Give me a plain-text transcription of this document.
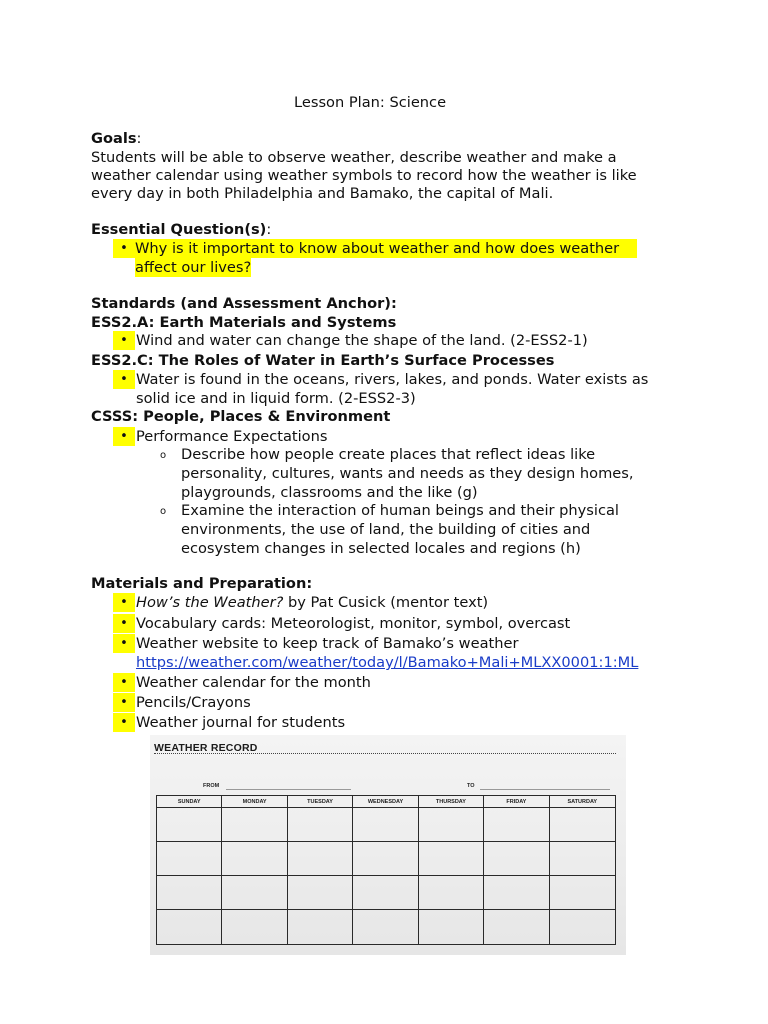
Lesson Plan: Science
Goals:
Students will be able to observe weather, describe weather and make a
weather calendar using weather symbols to record how the weather is like
every day in both Philadelphia and Bamako, the capital of Mali.
Essential Question(s):
• Why is it important to know about weather and how does weather
affect our lives?
Standards (and Assessment Anchor):
ESS2.A: Earth Materials and Systems
• Wind and water can change the shape of the land. (2-ESS2-1)
ESS2.C: The Roles of Water in Earth’s Surface Processes
• Water is found in the oceans, rivers, lakes, and ponds. Water exists as
solid ice and in liquid form. (2-ESS2-3)
CSSS: People, Places & Environment
• Performance Expectations
o Describe how people create places that reflect ideas like
personality, cultures, wants and needs as they design homes,
playgrounds, classrooms and the like (g)
o Examine the interaction of human beings and their physical
environments, the use of land, the building of cities and
ecosystem changes in selected locales and regions (h)
Materials and Preparation:
• How’s the Weather? by Pat Cusick (mentor text)
• Vocabulary cards: Meteorologist, monitor, symbol, overcast
• Weather website to keep track of Bamako’s weather
https://weather.com/weather/today/l/Bamako+Mali+MLXX0001:1:ML
• Weather calendar for the month
• Pencils/Crayons
• Weather journal for students
WEATHER RECORD
FROM	TO
SUNDAY	MONDAY	TUESDAY	WEDNESDAY	THURSDAY	FRIDAY	SATURDAY
